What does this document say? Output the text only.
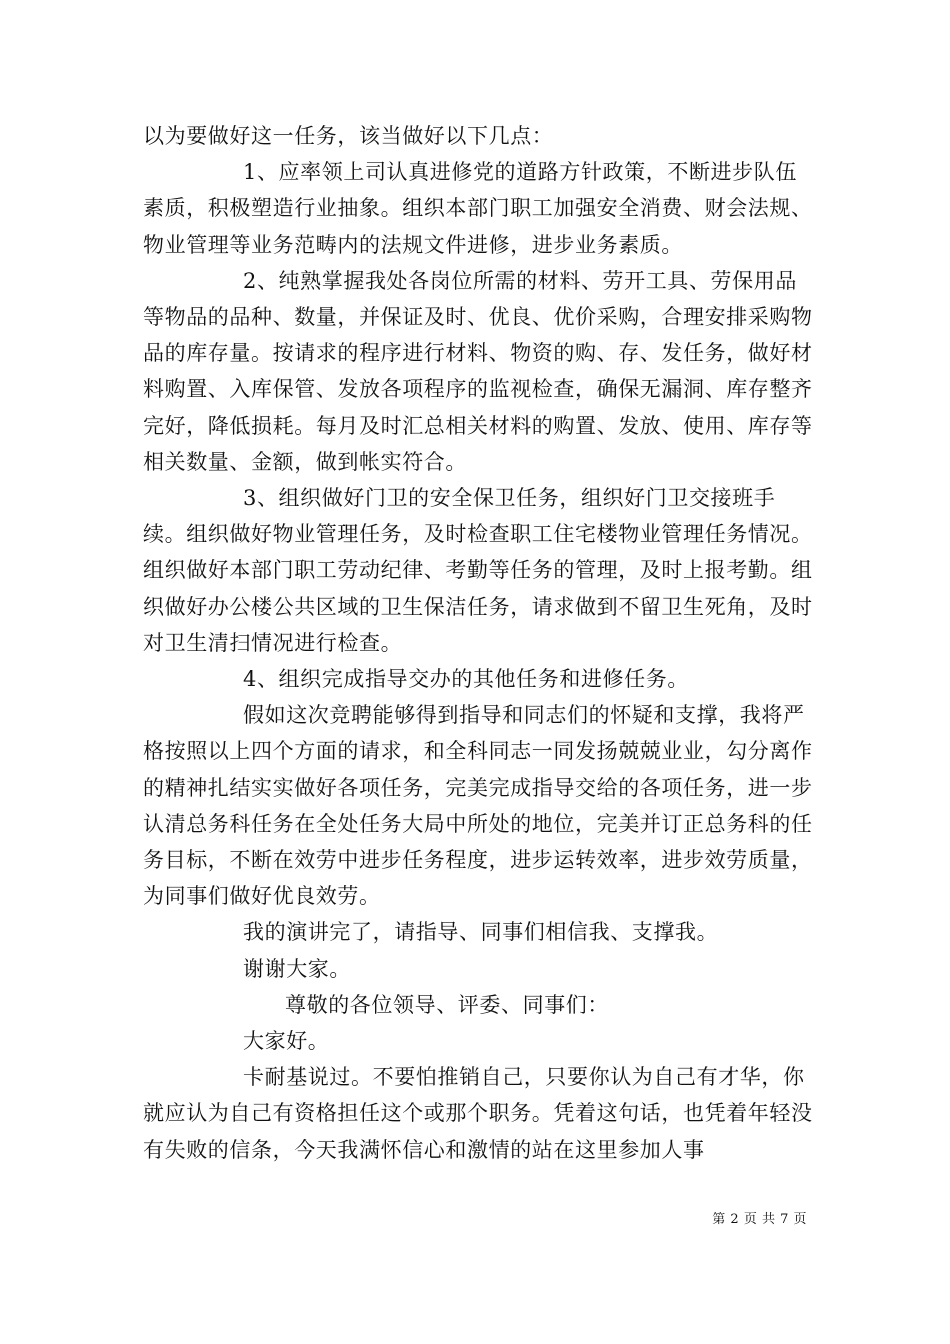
以为要做好这一任务，该当做好以下几点：

1、应率领上司认真进修党的道路方针政策，不断进步队伍素质，积极塑造行业抽象。组织本部门职工加强安全消费、财会法规、物业管理等业务范畴内的法规文件进修，进步业务素质。

2、纯熟掌握我处各岗位所需的材料、劳开工具、劳保用品等物品的品种、数量，并保证及时、优良、优价采购，合理安排采购物品的库存量。按请求的程序进行材料、物资的购、存、发任务，做好材料购置、入库保管、发放各项程序的监视检查，确保无漏洞、库存整齐完好，降低损耗。每月及时汇总相关材料的购置、发放、使用、库存等相关数量、金额，做到帐实符合。

3、组织做好门卫的安全保卫任务，组织好门卫交接班手续。组织做好物业管理任务，及时检查职工住宅楼物业管理任务情况。组织做好本部门职工劳动纪律、考勤等任务的管理，及时上报考勤。组织做好办公楼公共区域的卫生保洁任务，请求做到不留卫生死角，及时对卫生清扫情况进行检查。

4、组织完成指导交办的其他任务和进修任务。

假如这次竞聘能够得到指导和同志们的怀疑和支撑，我将严格按照以上四个方面的请求，和全科同志一同发扬兢兢业业，勾分离作的精神扎结实实做好各项任务，完美完成指导交给的各项任务，进一步认清总务科任务在全处任务大局中所处的地位，完美并订正总务科的任务目标，不断在效劳中进步任务程度，进步运转效率，进步效劳质量，为同事们做好优良效劳。

我的演讲完了，请指导、同事们相信我、支撑我。

谢谢大家。

尊敬的各位领导、评委、同事们：

大家好。

卡耐基说过。不要怕推销自己，只要你认为自己有才华，你就应认为自己有资格担任这个或那个职务。凭着这句话，也凭着年轻没有失败的信条，今天我满怀信心和激情的站在这里参加人事

第 2 页 共 7 页
